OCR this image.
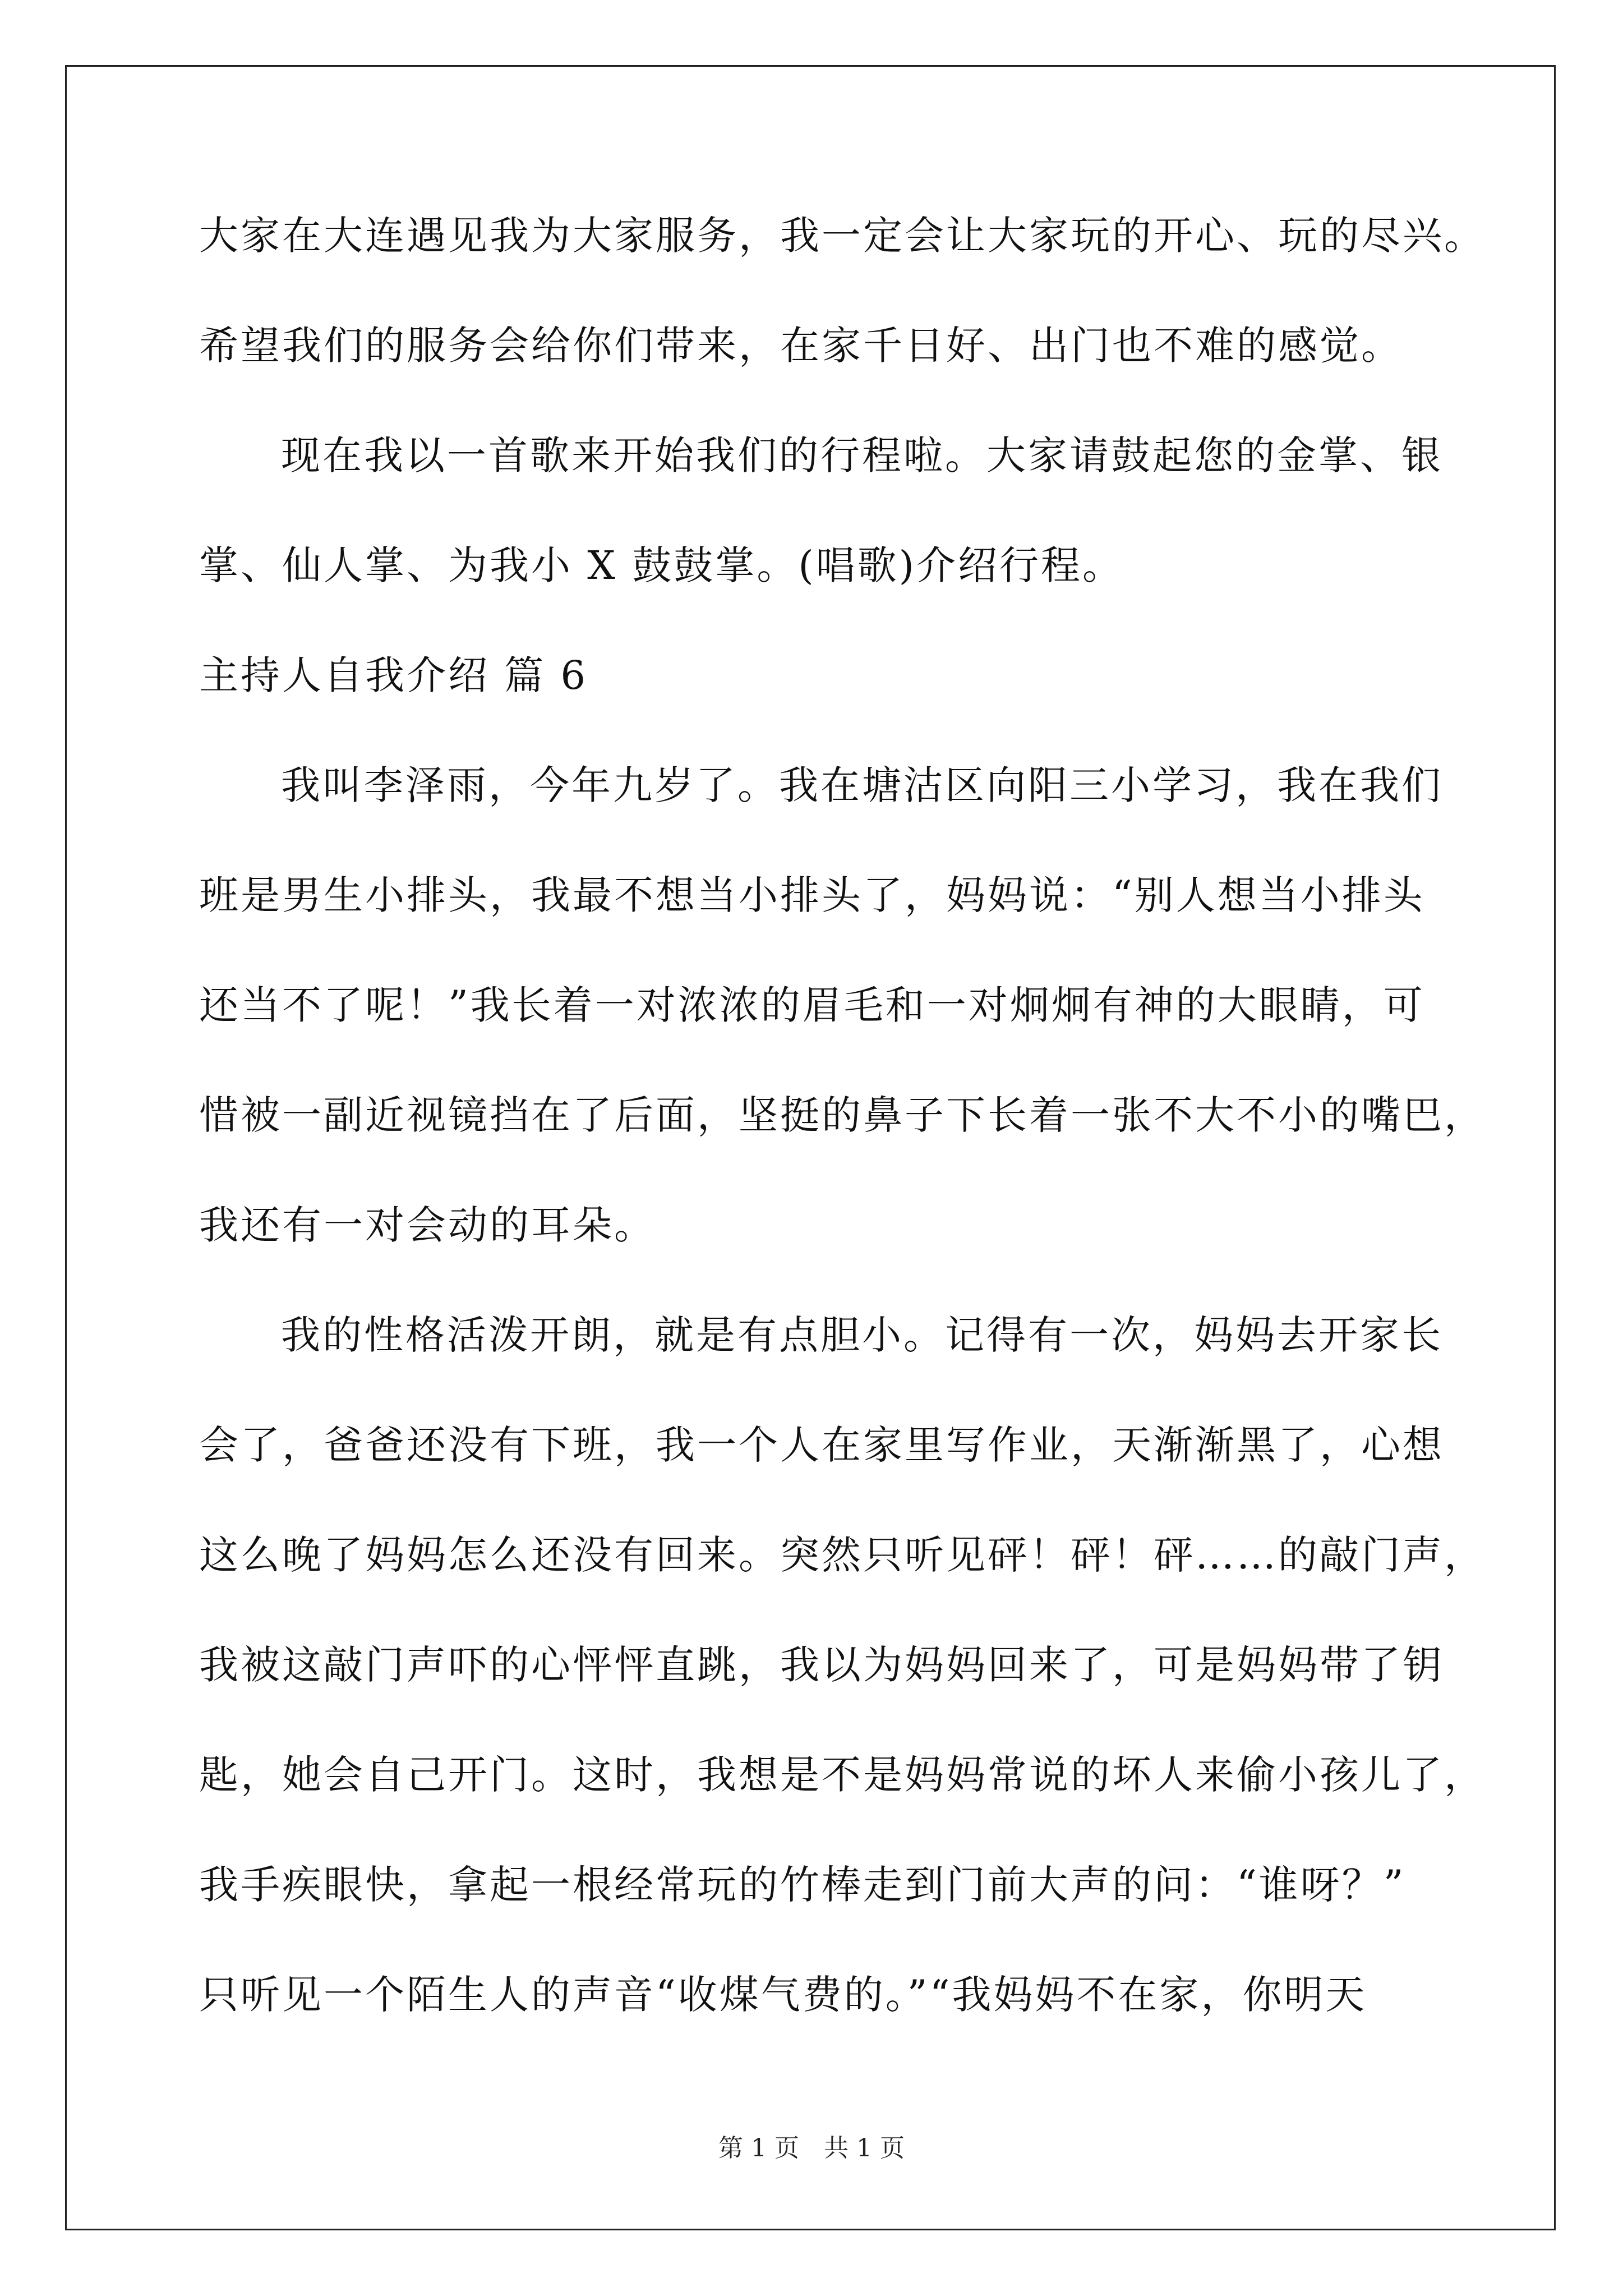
大家在大连遇见我为大家服务，我一定会让大家玩的开心、玩的尽兴。
希望我们的服务会给你们带来，在家千日好、出门也不难的感觉。
现在我以一首歌来开始我们的行程啦。大家请鼓起您的金掌、银
掌、仙人掌、为我小 X 鼓鼓掌。(唱歌)介绍行程。
主持人自我介绍 篇 6
我叫李泽雨，今年九岁了。我在塘沽区向阳三小学习，我在我们
班是男生小排头，我最不想当小排头了，妈妈说：“别人想当小排头
还当不了呢！”我长着一对浓浓的眉毛和一对炯炯有神的大眼睛，可
惜被一副近视镜挡在了后面，坚挺的鼻子下长着一张不大不小的嘴巴，
我还有一对会动的耳朵。
我的性格活泼开朗，就是有点胆小。记得有一次，妈妈去开家长
会了，爸爸还没有下班，我一个人在家里写作业，天渐渐黑了，心想
这么晚了妈妈怎么还没有回来。突然只听见砰！砰！砰……的敲门声，
我被这敲门声吓的心怦怦直跳，我以为妈妈回来了，可是妈妈带了钥
匙，她会自己开门。这时，我想是不是妈妈常说的坏人来偷小孩儿了，
我手疾眼快，拿起一根经常玩的竹棒走到门前大声的问：“谁呀？”
只听见一个陌生人的声音“收煤气费的。”“我妈妈不在家，你明天
第 1 页　共 1 页
